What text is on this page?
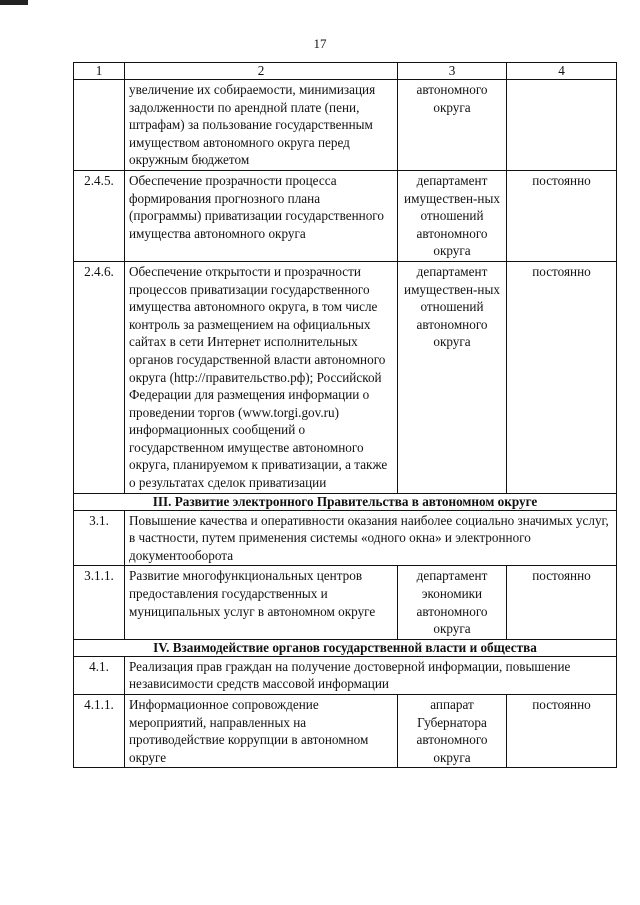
17
1	2	3	4
	увеличение их собираемости, минимизация задолженности по арендной плате (пени, штрафам) за пользование государственным имуществом автономного округа перед окружным бюджетом	автономного округа	
2.4.5.	Обеспечение прозрачности процесса формирования прогнозного плана (программы) приватизации государственного имущества автономного округа	департамент имуществен-ных отношений автономного округа	постоянно
2.4.6.	Обеспечение открытости и прозрачности процессов приватизации государственного имущества автономного округа, в том числе контроль за размещением на официальных сайтах в сети Интернет исполнительных органов государственной власти автономного округа (http://правительство.рф); Российской Федерации для размещения информации о проведении торгов (www.torgi.gov.ru) информационных сообщений о государственном имуществе автономного округа, планируемом к приватизации, а также о результатах сделок приватизации	департамент имуществен-ных отношений автономного округа	постоянно
III. Развитие электронного Правительства в автономном округе			
3.1.	Повышение качества и оперативности оказания наиболее социально значимых услуг, в частности, путем применения системы «одного окна» и электронного документооборота		
3.1.1.	Развитие многофункциональных центров предоставления государственных и муниципальных услуг в автономном округе	департамент экономики автономного округа	постоянно
IV. Взаимодействие органов государственной власти и общества			
4.1.	Реализация прав граждан на получение достоверной информации, повышение независимости средств массовой информации		
4.1.1.	Информационное сопровождение мероприятий, направленных на противодействие коррупции в автономном округе	аппарат Губернатора автономного округа	постоянно
